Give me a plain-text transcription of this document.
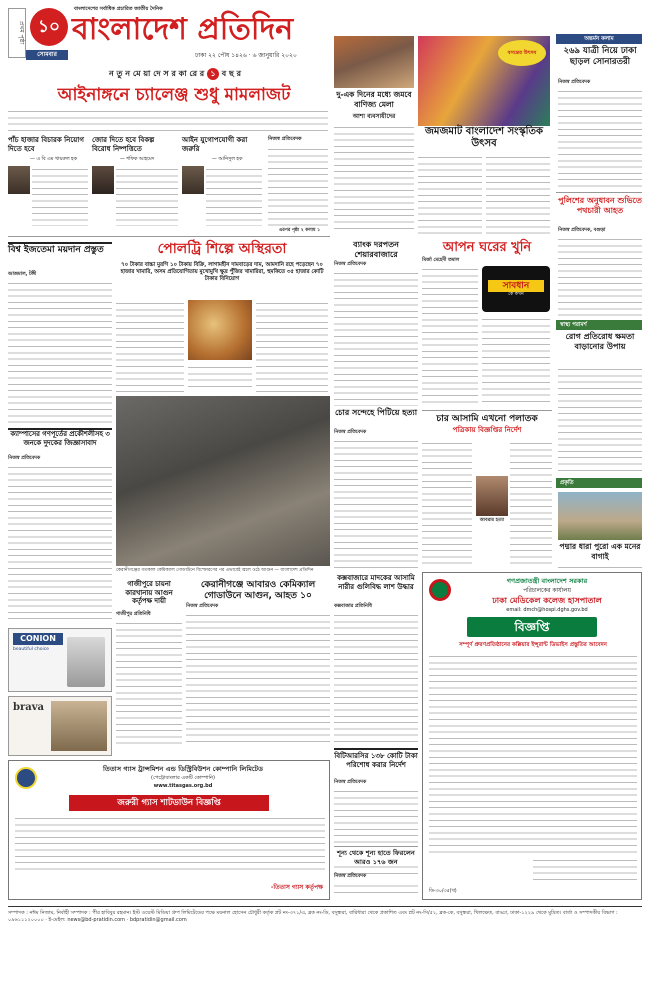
প্রথম পৃষ্ঠা ১০
বাংলাদেশের সর্বাধিক প্রচারিত জাতীয় দৈনিক
বাংলাদেশ প্রতিদিন
সোমবার	ঢাকা ২২ পৌষ ১৪২৬ · ৬ জানুয়ারি ২০২০
ন তু ন মে য়া দে স র কা রে র ১ ব ছ র
আইনাঙ্গনে চ্যালেঞ্জ শুধু মামলাজট
পাঁচ হাজার বিচারক নিয়োগ দিতে হবে
জোর দিতে হবে বিকল্প বিরোধ নিষ্পত্তিতে
আইন যুগোপযোগী করা জরুরি
— এ বি এম খায়রুল হক	— শফিক আহমেদ	— আনিসুল হক
নিজস্ব প্রতিবেদক
এরপর পৃষ্ঠা ২ কলাম ১
দু-এক দিনের মধ্যে জমবে বাণিজ্য মেলা
আশা ব্যবসায়ীদের
বসন্তের উৎসব
জমজমাট বাংলাদেশ সংস্কৃতিক উৎসব
অন্তর্মন কলাম
২৬৯ যাত্রী নিয়ে ঢাকা ছাড়ল সোনারতরী
নিজস্ব প্রতিবেদক
পুলিশের অনুধাবন শুভিতে পথচারী আহত
নিজস্ব প্রতিবেদক, বগুড়া
স্বাস্থ্য পরামর্শ
রোগ প্রতিরোধ ক্ষমতা বাড়ানোর উপায়
প্রকৃতি
পদ্মার ধারা পুরো এক মনের বাগাই
বিশ্ব ইজতেমা ময়দান প্রস্তুত
আজমাল, টঙ্গী
পোলট্রি শিল্পে অস্থিরতা
৭০ টাকার বাচ্চা মুরগি ১০ টাকায় বিক্রি, লাগামহীন দামবাড়ের দাম, আমদানি রহে পড়েছেন ৭০ হাজার খামারি, অসম প্রতিযোগিতায় মুখোমুখি ক্ষুদ্র পুঁজির খামারিরা, হুমকিতে ৩৫ হাজার কোটি টাকার বিনিয়োগ
ব্যাংক দরপতন শেয়ারবাজারে
নিজস্ব প্রতিবেদক
আপন ঘরের খুনি
মির্জা মেহেদী তমাল
সাবধান
কে কখন
চোর সন্দেহে পিটিয়ে হত্যা
নিজস্ব প্রতিবেদক
চার আসামি এখনো পলাতক
পত্রিকায় বিজ্ঞপ্তির নির্দেশ
আবরার হত্যা
ক্যাম্পাসের গণপূর্তের প্রকৌশলীসহ ৩ জনকে দুদকের জিজ্ঞাসাবাদ
নিজস্ব প্রতিবেদক
CONION
beautiful choice
brava
কেরানীগঞ্জের গতকাল কেমিক্যাল গোডাউনে বিস্ফোরণের পর এভাবেই জ্বলে ওঠে আগুন — বাংলাদেশ প্রতিদিন
কেরানীগঞ্জে আবারও কেমিক্যাল গোডাউনে আগুন, আহত ১০
নিজস্ব প্রতিবেদক
গাজীপুরে চায়না কারখানায় আগুন কর্তৃপক্ষ দায়ী
গাজীপুর প্রতিনিধি
কক্সবাজারে মাদকের আসামি নারীর গুলিবিদ্ধ লাশ উদ্ধার
কক্সবাজার প্রতিনিধি
গণপ্রজাতন্ত্রী বাংলাদেশ সরকার
পরিচালকের কার্যালয়
ঢাকা মেডিকেল কলেজ হাসপাতাল
email: dmch@hospi.dghs.gov.bd
বিজ্ঞপ্তি
সম্পূর্ণ প্রুরণপ্রতিষ্ঠানের কল্লিয়ার ইন্সুরান্ট ডিভাইস প্রস্তুতির আবেদন
ডি-৩০/৩৫(খ)
তিতাস গ্যাস ট্রান্সমিশন এন্ড ডিস্ট্রিবিউশন কোম্পানি লিমিটেড
(পেট্রোবাংলার একটি কোম্পানি)
www.titasgas.org.bd
জরুরী গ্যাস শাটডাউন বিজ্ঞপ্তি
-তিতাস গ্যাস কর্তৃপক্ষ
বিটিআরসির ১৩৮ কোটি টাকা পরিশোধ করার নির্দেশ
নিজস্ব প্রতিবেদক
সম্পাদক : নঈম নিজাম, নির্বাহী সম্পাদক : পীর হাবিবুর রহমান। ইস্ট ওয়েস্ট মিডিয়া গ্রুপ লিমিটেডের পক্ষে ময়নাল হোসেন চৌধুরী কর্তৃক প্লট নং-৩৭১/এ, ব্লক নং-ডি, বসুন্ধরা, বারিধারা থেকে প্রকাশিত এবং প্লট নং-সি/৫২, ব্লক-কে, বসুন্ধরা, খিলক্ষেত, বাড্ডা, ঢাকা-১২২৯ থেকে মুদ্রিত। বার্তা ও সম্পাদকীয় বিভাগ : ০৯৬১১১২০০০০ · ই-মেইল: news@bd-pratidin.com · bdpratidin@gmail.com
শূন্য থেকে শূন্য হাতে ফিরলেন আরও ১৭৬ জন
নিজস্ব প্রতিবেদক
